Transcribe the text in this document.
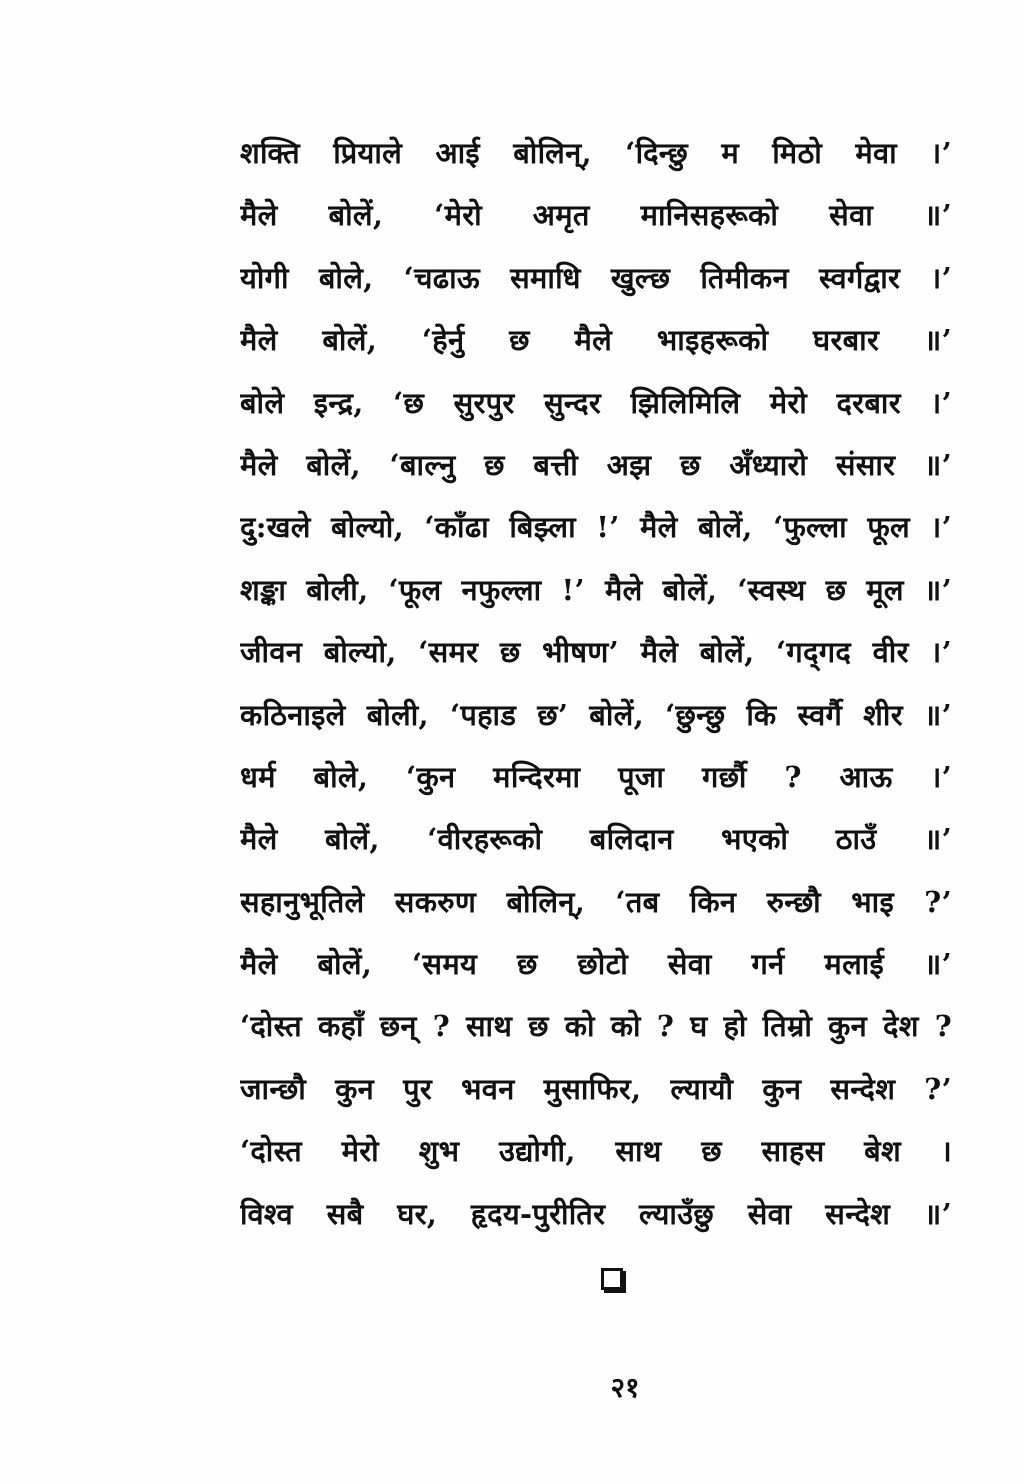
शक्ति प्रियाले आई बोलिन्, ‘दिन्छु म मिठो मेवा ।’
मैले बोलें, ‘मेरो अमृत मानिसहरूको सेवा ॥’
योगी बोले, ‘चढाऊ समाधि खुल्छ तिमीकन स्वर्गद्वार ।’
मैले बोलें, ‘हेर्नु छ मैले भाइहरूको घरबार ॥’
बोले इन्द्र, ‘छ सुरपुर सुन्दर झिलिमिलि मेरो दरबार ।’
मैले बोलें, ‘बाल्नु छ बत्ती अझ छ अँध्यारो संसार ॥’
दु:खले बोल्यो, ‘काँढा बिझ्ला !’ मैले बोलें, ‘फुल्ला फूल ।’
शङ्का बोली, ‘फूल नफुल्ला !’ मैले बोलें, ‘स्वस्थ छ मूल ॥’
जीवन बोल्यो, ‘समर छ भीषण’ मैले बोलें, ‘गद्‌गद वीर ।’
कठिनाइले बोली, ‘पहाड छ’ बोलें, ‘छुन्छु कि स्वर्गै शीर ॥’
धर्म बोले, ‘कुन मन्दिरमा पूजा गर्छौ ? आऊ ।’
मैले बोलें, ‘वीरहरूको बलिदान भएको ठाउँ ॥’
सहानुभूतिले सकरुण बोलिन्, ‘तब किन रुन्छौ भाइ ?’
मैले बोलें, ‘समय छ छोटो सेवा गर्न मलाई ॥’
‘दोस्त कहाँ छन् ? साथ छ को को ? घ हो तिम्रो कुन देश ?
जान्छौ कुन पुर भवन मुसाफिर, ल्यायौ कुन सन्देश ?’
‘दोस्त मेरो शुभ उद्योगी, साथ छ साहस बेश ।
विश्व सबै घर, हृदय-पुरीतिर ल्याउँछु सेवा सन्देश ॥’
२१
